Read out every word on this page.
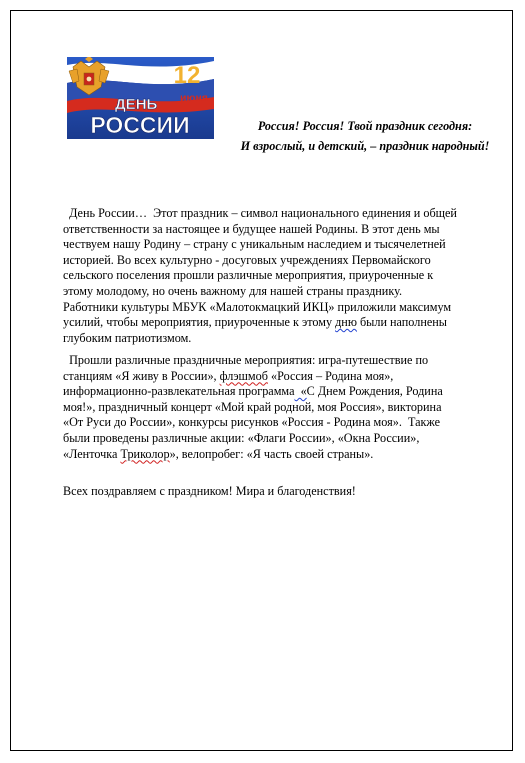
12
июня
ДЕНЬ
РОССИИ	Россия! Россия! Твой праздник сегодня:
И взрослый, и детский, – праздник народный!
День России…  Этот праздник – символ национального единения и общей
ответственности за настоящее и будущее нашей Родины. В этот день мы
чествуем нашу Родину – страну с уникальным наследием и тысячелетней
историей. Во всех культурно - досуговых учреждениях Первомайского
сельского поселения прошли различные мероприятия, приуроченные к
этому молодому, но очень важному для нашей страны празднику.
Работники культуры МБУК «Малотокмацкий ИКЦ» приложили максимум
усилий, чтобы мероприятия, приуроченные к этому дню были наполнены
глубоким патриотизмом.
Прошли различные праздничные мероприятия: игра-путешествие по
станциям «Я живу в России», флэшмоб «Россия – Родина моя»,
информационно-развлекательная программа  «С Днем Рождения, Родина
моя!», праздничный концерт «Мой край родной, моя Россия», викторина
«От Руси до России», конкурсы рисунков «Россия - Родина моя».  Также
были проведены различные акции: «Флаги России», «Окна России»,
«Ленточка Триколор», велопробег: «Я часть своей страны».
Всех поздравляем с праздником! Мира и благоденствия!
